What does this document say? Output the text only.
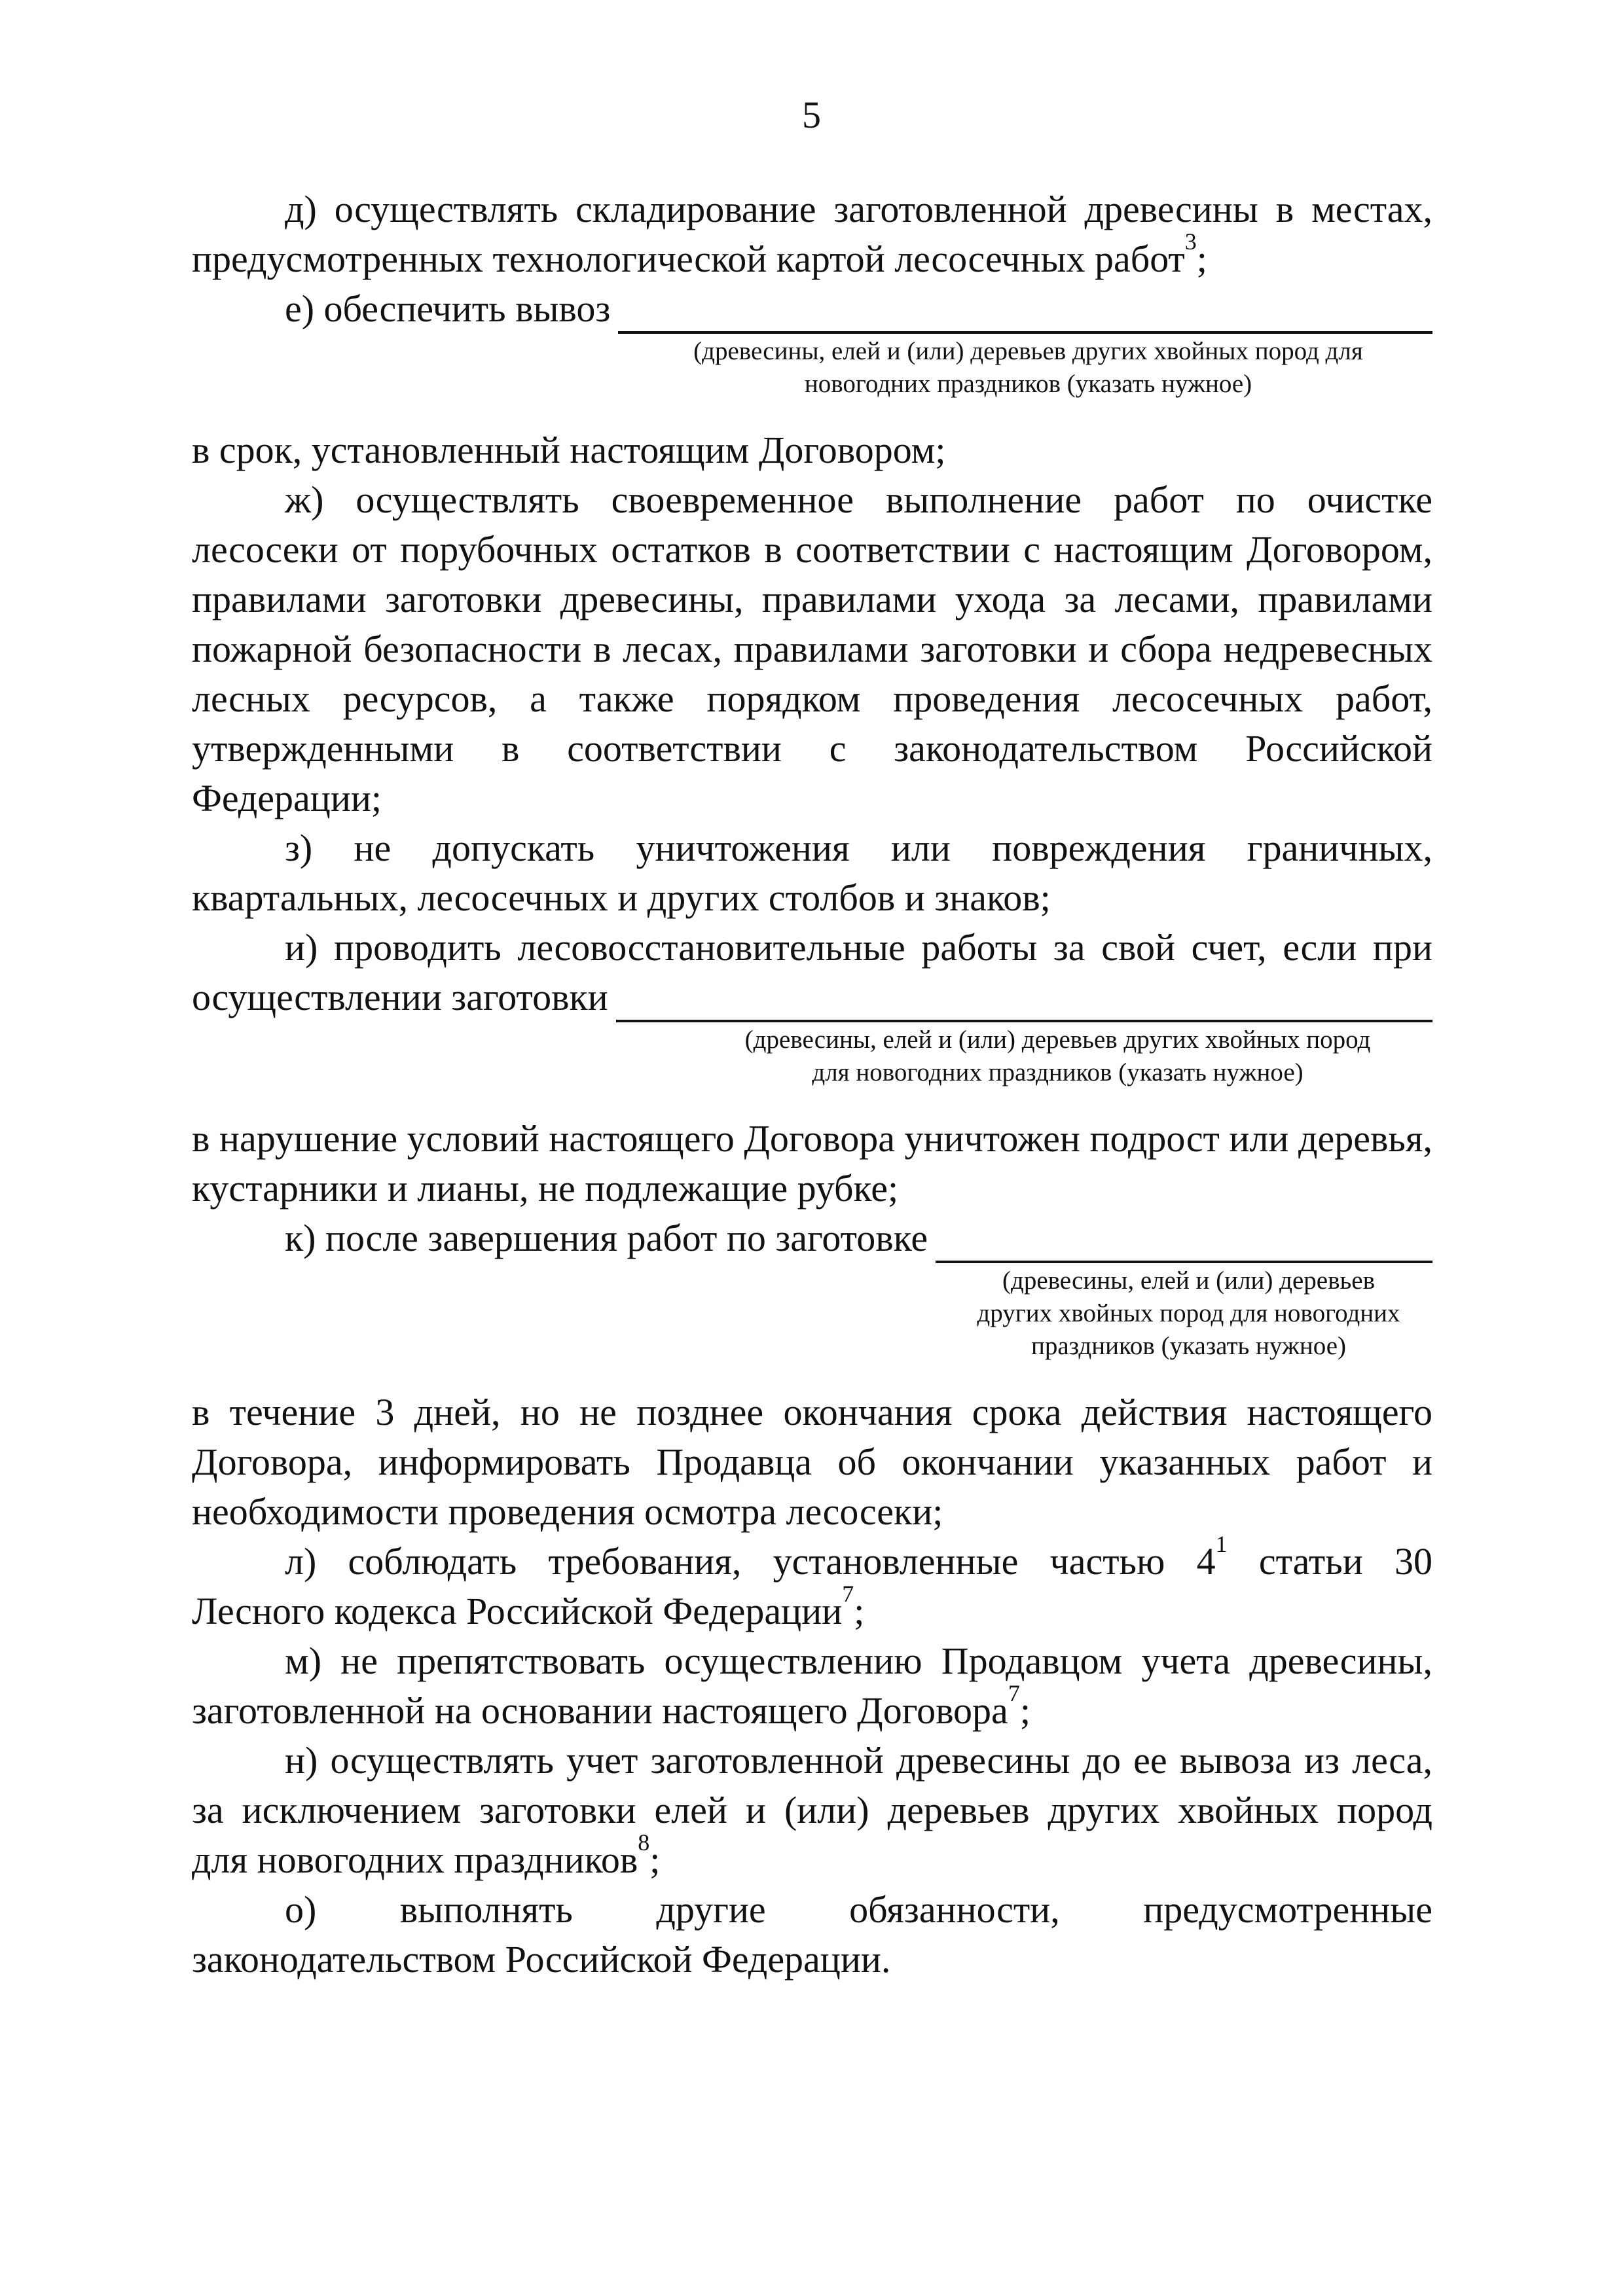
5

д) осуществлять складирование заготовленной древесины в местах,

предусмотренных технологической картой лесосечных работ$^3$;

е) обеспечить вывоз

(древесины, елей и (или) деревьев других хвойных пород для

новогодних праздников (указать нужное)

в срок, установленный настоящим Договором;

ж) осуществлять своевременное выполнение работ по очистке лесосеки от порубочных остатков в соответствии с настоящим Договором, правилами заготовки древесины, правилами ухода за лесами, правилами пожарной безопасности в лесах, правилами заготовки и сбора недревесных лесных ресурсов, а также порядком проведения лесосечных работ, утвержденными в соответствии с законодательством Российской Федерации;

з) не допускать уничтожения или повреждения граничных, квартальных, лесосечных и других столбов и знаков;

и) проводить лесовосстановительные работы за свой счет, если при

осуществлении заготовки

(древесины, елей и (или) деревьев других хвойных пород

для новогодних праздников (указать нужное)

в нарушение условий настоящего Договора уничтожен подрост или деревья, кустарники и лианы, не подлежащие рубке;

к) после завершения работ по заготовке

(древесины, елей и (или) деревьев

других хвойных пород для новогодних

праздников (указать нужное)

в течение 3 дней, но не позднее окончания срока действия настоящего Договора, информировать Продавца об окончании указанных работ и необходимости проведения осмотра лесосеки;

л) соблюдать требования, установленные частью $4^1$ статьи 30

Лесного кодекса Российской Федерации$^7$;

м) не препятствовать осуществлению Продавцом учета древесины,

заготовленной на основании настоящего Договора$^7$;

н) осуществлять учет заготовленной древесины до ее вывоза из леса, за исключением заготовки елей и (или) деревьев других хвойных пород

для новогодних праздников$^8$;

о) выполнять другие обязанности, предусмотренные законодательством Российской Федерации.
